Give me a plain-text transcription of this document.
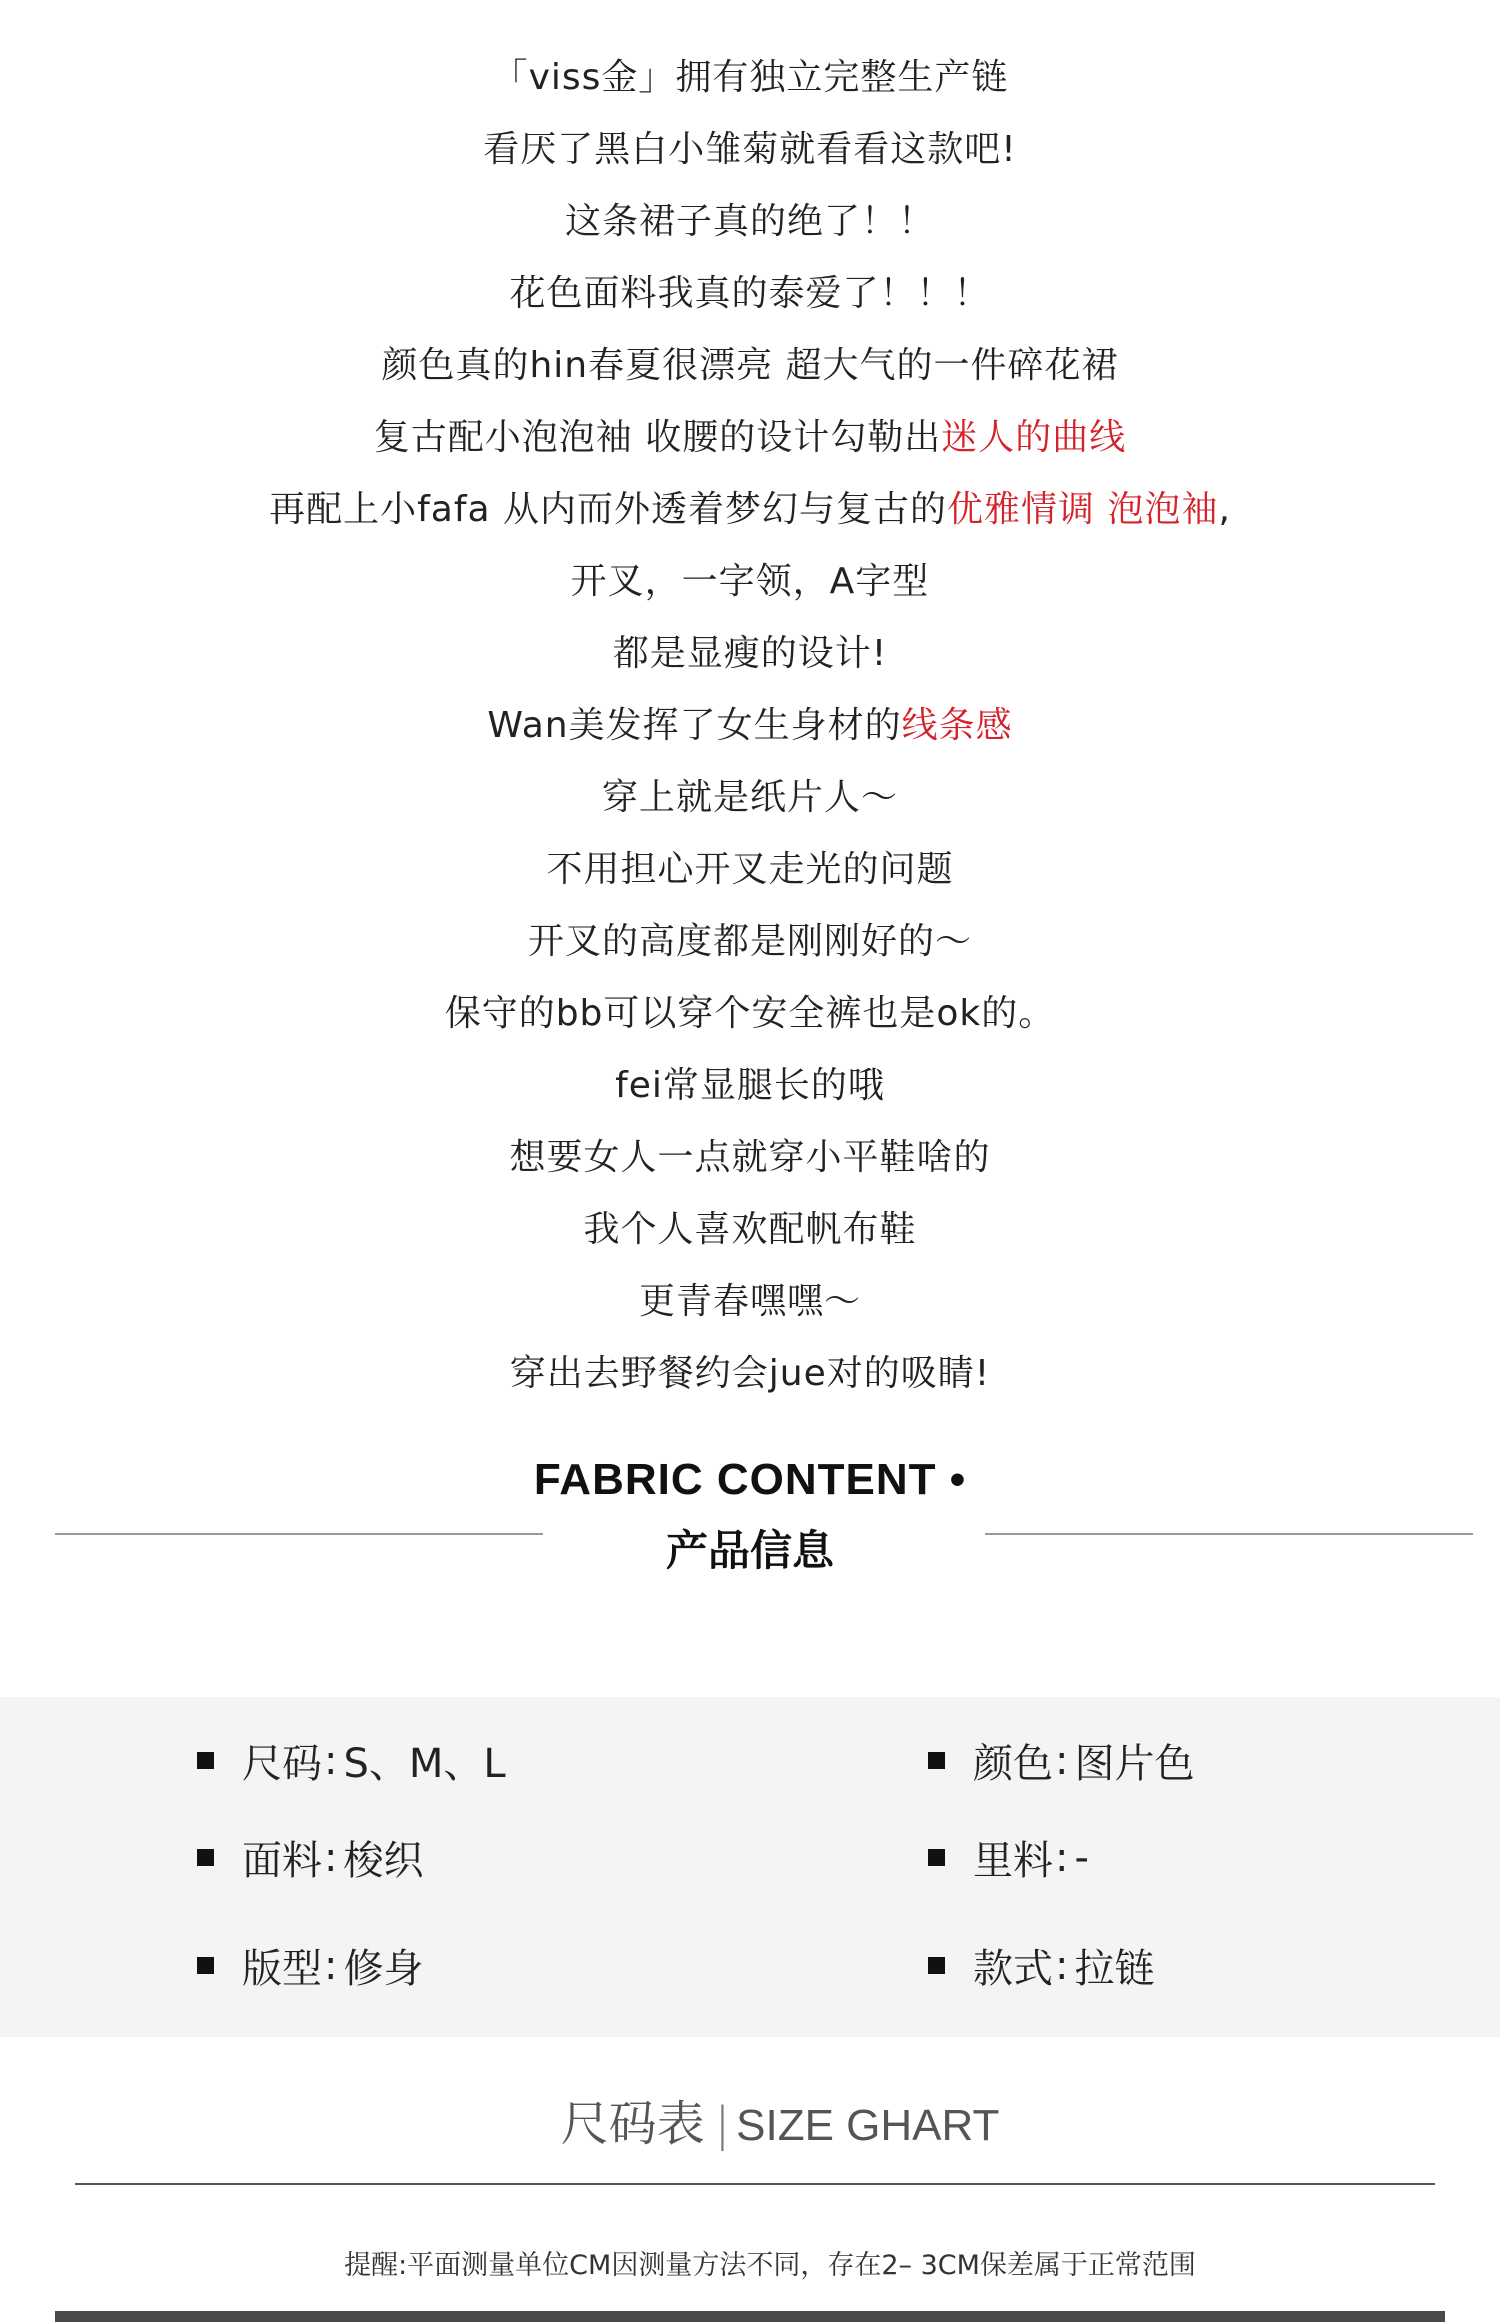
「viss金」拥有独立完整生产链
看厌了黑白小雏菊就看看这款吧!
这条裙子真的绝了！！
花色面料我真的泰爱了！！！
颜色真的hin春夏很漂亮 超大气的一件碎花裙
复古配小泡泡袖 收腰的设计勾勒出迷人的曲线
再配上小fafa 从内而外透着梦幻与复古的优雅情调 泡泡袖,
开叉，一字领，A字型
都是显瘦的设计!
Wan美发挥了女生身材的线条感
穿上就是纸片人～
不用担心开叉走光的问题
开叉的高度都是刚刚好的～
保守的bb可以穿个安全裤也是ok的。
fei常显腿长的哦
想要女人一点就穿小平鞋啥的
我个人喜欢配帆布鞋
更青春嘿嘿～
穿出去野餐约会jue对的吸睛!
FABRIC CONTENT •
产品信息
尺码 : S、M、L	颜色 : 图片色
面料 : 梭织	里料 : -
版型 : 修身	款式 : 拉链
尺码表 | SIZE GHART
提醒:平面测量单位CM因测量方法不同，存在2– 3CM保差属于正常范围
